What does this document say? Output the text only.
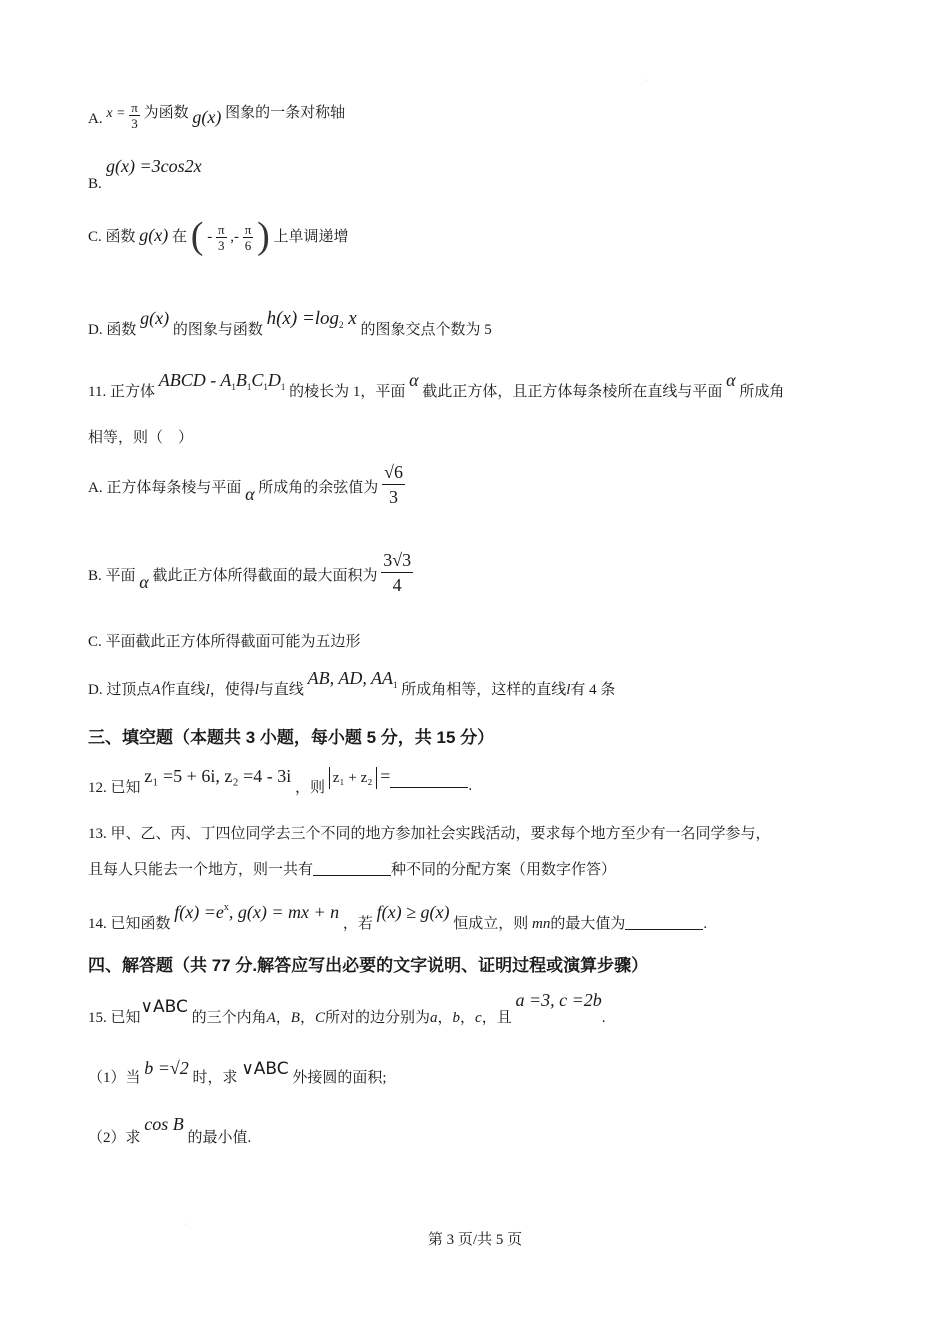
A. $x = \frac{\pi}{3}$ 为函数 g(x) 图象的一条对称轴
g(x) =3cos2x
B.
C. 函数 g(x) 在 ( - $\frac{\pi}{3}$ ,- $\frac{\pi}{6}$ ) 上单调递增
D. 函数 g(x) 的图象与函数 $h(x) =\log_2$ x 的图象交点个数为 5
11. 正方体 ABCD - $A_1B_1C_1D_1$ 的棱长为 1，平面 α 截此正方体，且正方体每条棱所在直线与平面 α 所成角
相等，则（　）
A. 正方体每条棱与平面 α 所成角的余弦值为 $\frac{√6}{3}$
B. 平面 α 截此正方体所得截面的最大面积为 $\frac{3√3}{4}$
C. 平面截此正方体所得截面可能为五边形
D. 过顶点A作直线l，使得l与直线 AB, AD, $AA_1$ 所成角相等，这样的直线l有 4 条
三、填空题（本题共 3 小题，每小题 5 分，共 15 分）
12. 已知 z₁ =5 + 6i, z₂ =4 - 3i ，则 z₁ + z₂ =	.
13. 甲、乙、丙、丁四位同学去三个不同的地方参加社会实践活动，要求每个地方至少有一名同学参与，
且每人只能去一个地方，则一共有	种不同的分配方案（用数字作答）
14. 已知函数 $f(x) =e^x$, g(x) = mx + n ，若 f(x) ≥ g(x) 恒成立，则 mn的最大值为	.
四、解答题（共 77 分.解答应写出必要的文字说明、证明过程或演算步骤）
15. 已知∨ABC 的三个内角A，B，C所对的边分别为a，b，c，且 a =3, c =2b.
（1）当 b =√2 时，求 ∨ABC 外接圆的面积;
（2）求 cos B 的最小值.
第 3 页/共 5 页
·
·
